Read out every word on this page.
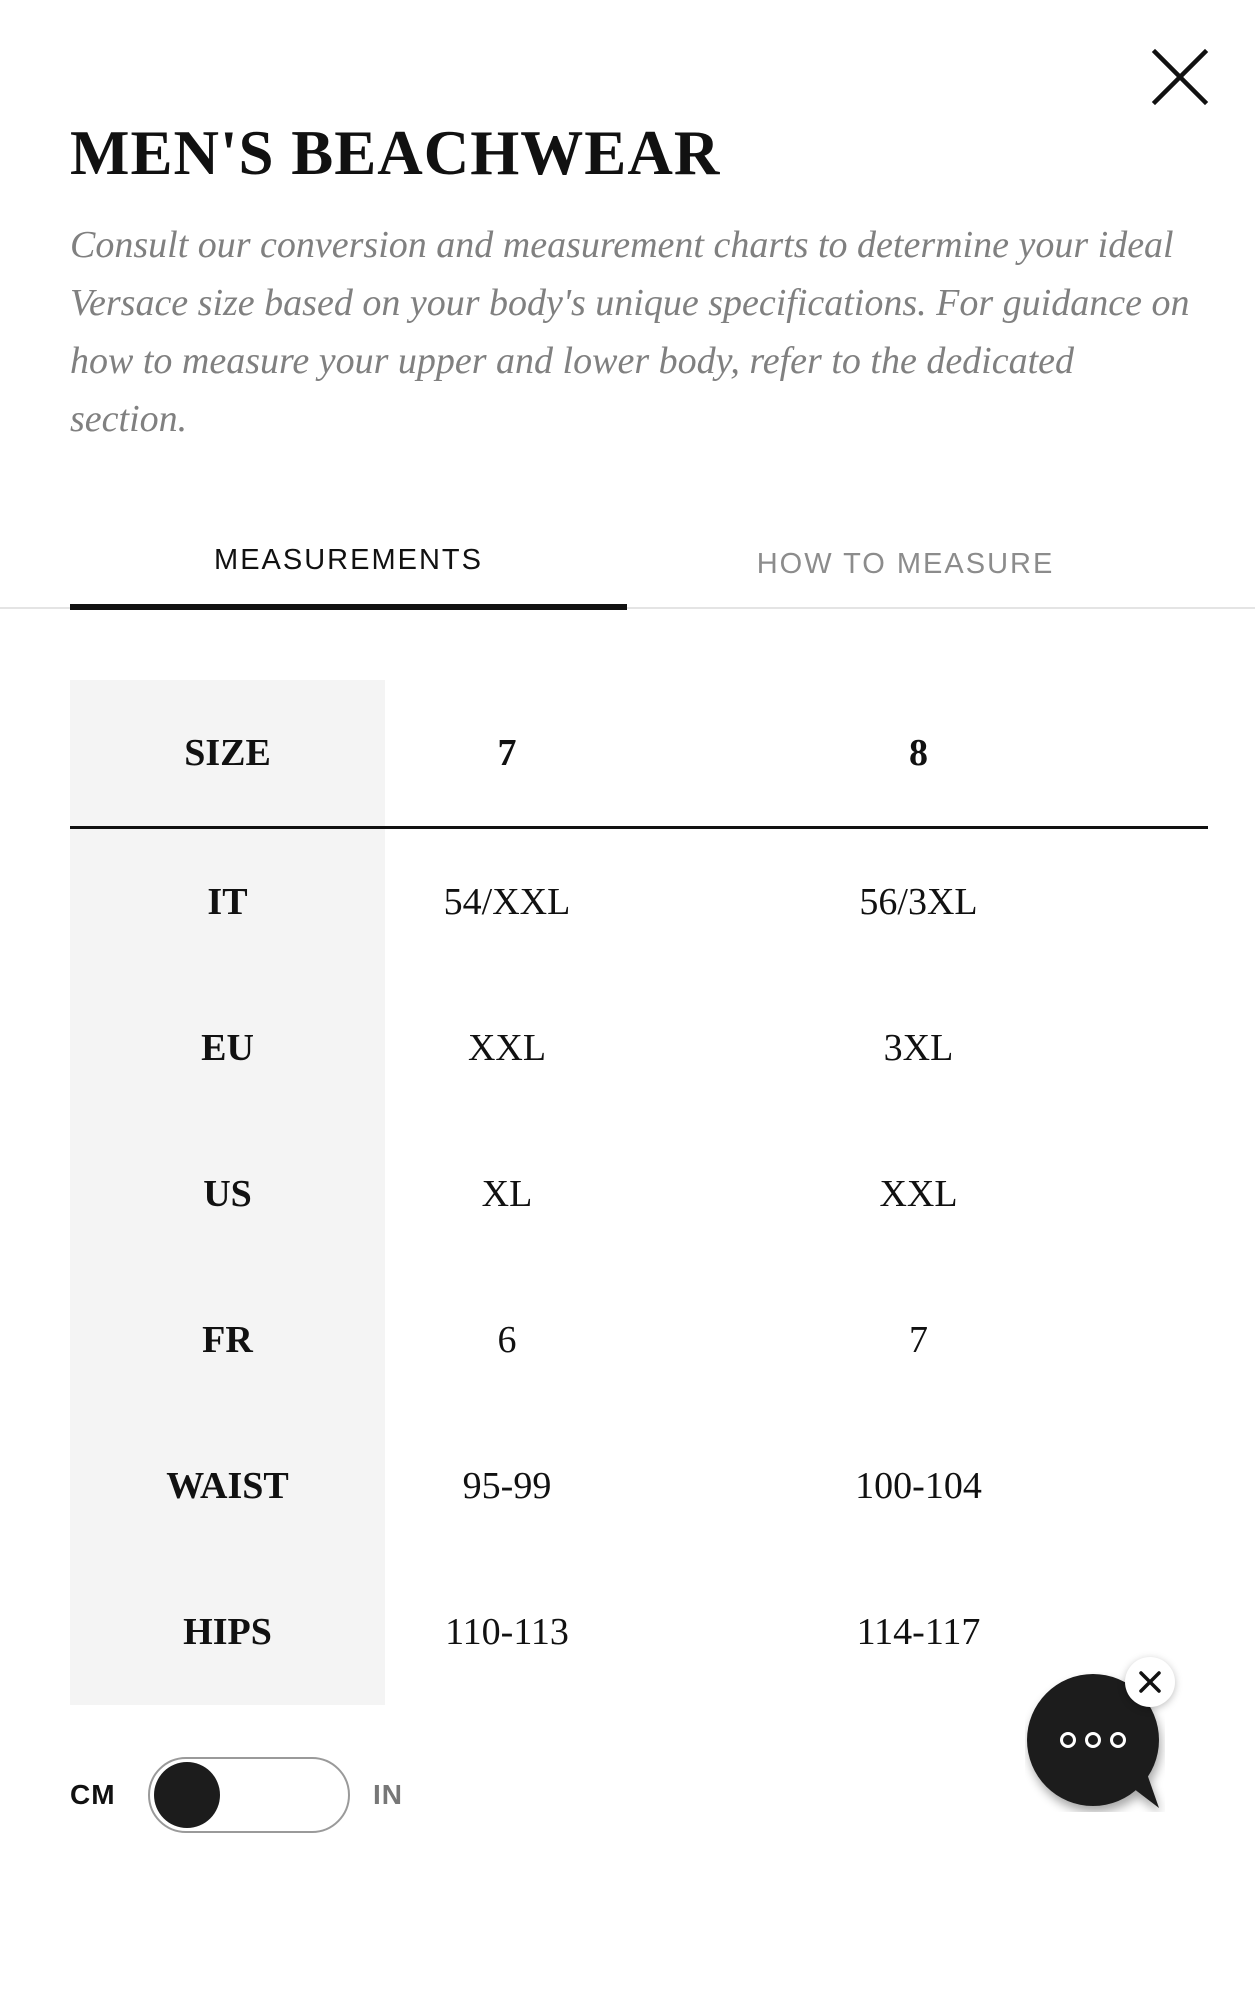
MEN'S BEACHWEAR

Consult our conversion and measurement charts to determine your ideal Versace size based on your body's unique specifications. For guidance on how to measure your upper and lower body, refer to the dedicated section.

MEASUREMENTS	HOW TO MEASURE
SIZE	7	8
IT	54/XXL	56/3XL
EU	XXL	3XL
US	XL	XXL
FR	6	7
WAIST	95-99	100-104
HIPS	110-113	114-117
CM	IN
